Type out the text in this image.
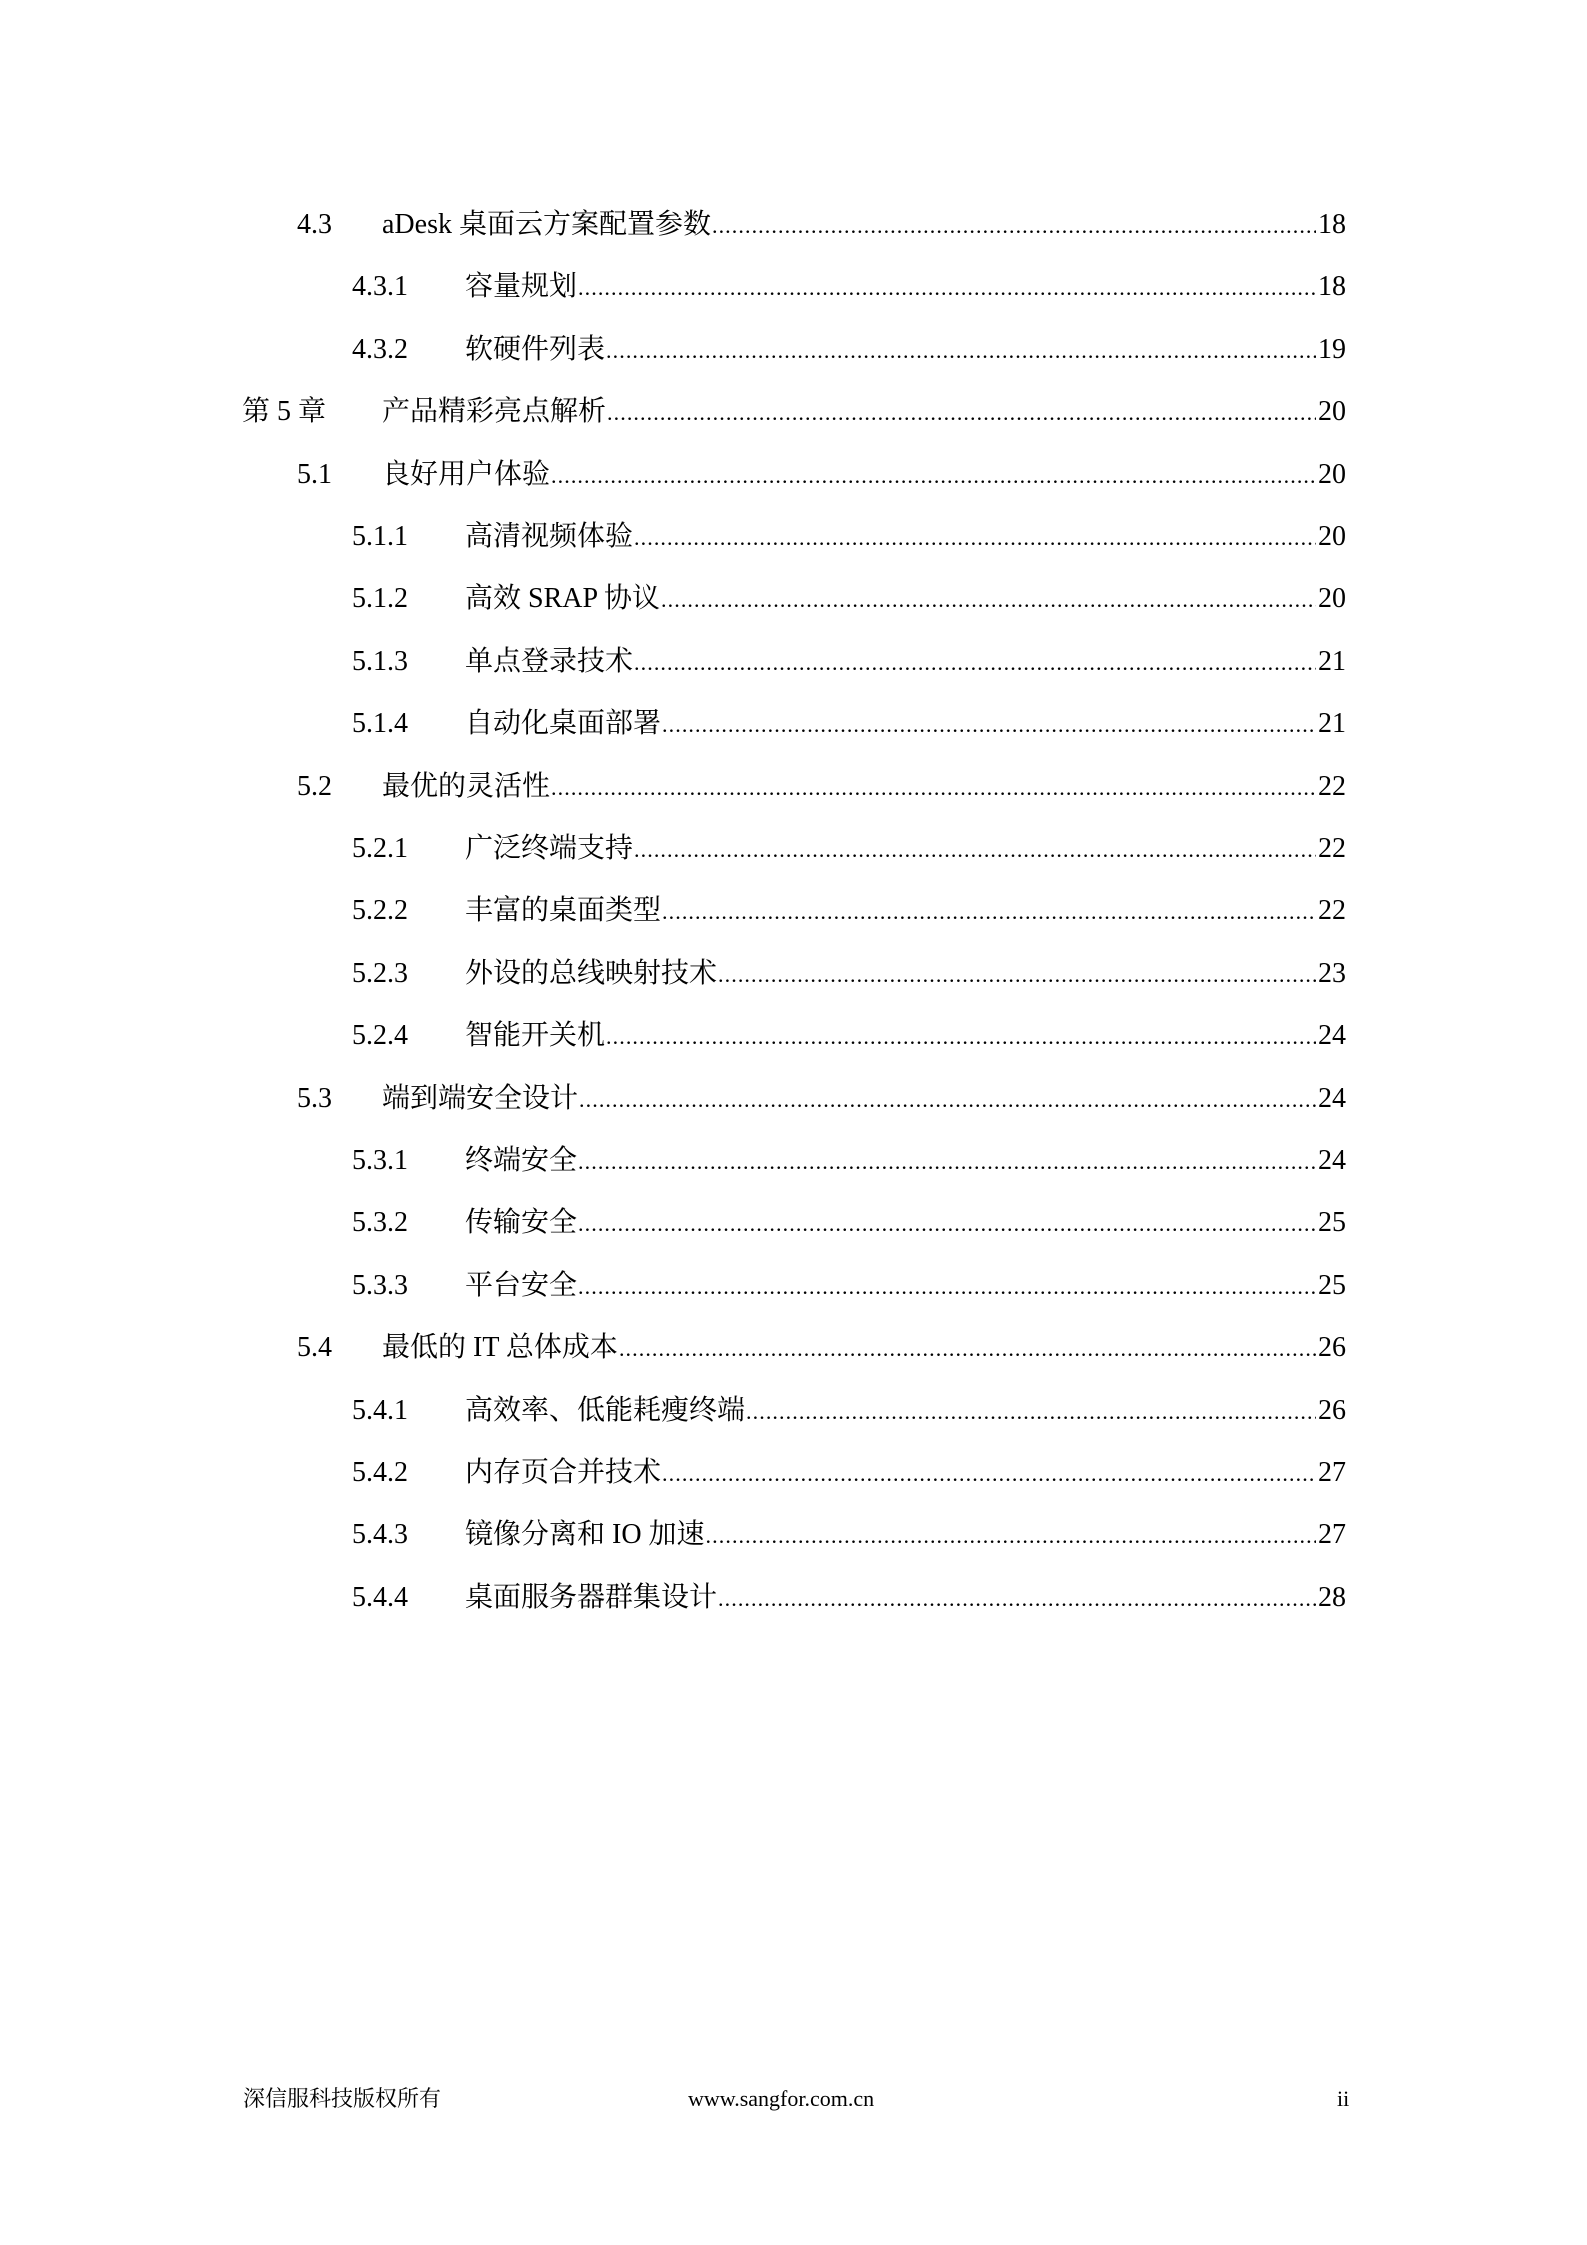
4.3 aDesk 桌面云方案配置参数 .....	18
4.3.1 容量规划 .....	18
4.3.2 软硬件列表 .....	19
第 5 章 产品精彩亮点解析 .....	20
5.1 良好用户体验 .....	20
5.1.1 高清视频体验 .....	20
5.1.2 高效 SRAP 协议 .....	20
5.1.3 单点登录技术 .....	21
5.1.4 自动化桌面部署 .....	21
5.2 最优的灵活性 .....	22
5.2.1 广泛终端支持 .....	22
5.2.2 丰富的桌面类型 .....	22
5.2.3 外设的总线映射技术 .....	23
5.2.4 智能开关机 .....	24
5.3 端到端安全设计 .....	24
5.3.1 终端安全 .....	24
5.3.2 传输安全 .....	25
5.3.3 平台安全 .....	25
5.4 最低的 IT 总体成本 .....	26
5.4.1 高效率、低能耗瘦终端 .....	26
5.4.2 内存页合并技术 .....	27
5.4.3 镜像分离和 IO 加速 .....	27
5.4.4 桌面服务器群集设计 .....	28
深信服科技版权所有	www.sangfor.com.cn	ii
